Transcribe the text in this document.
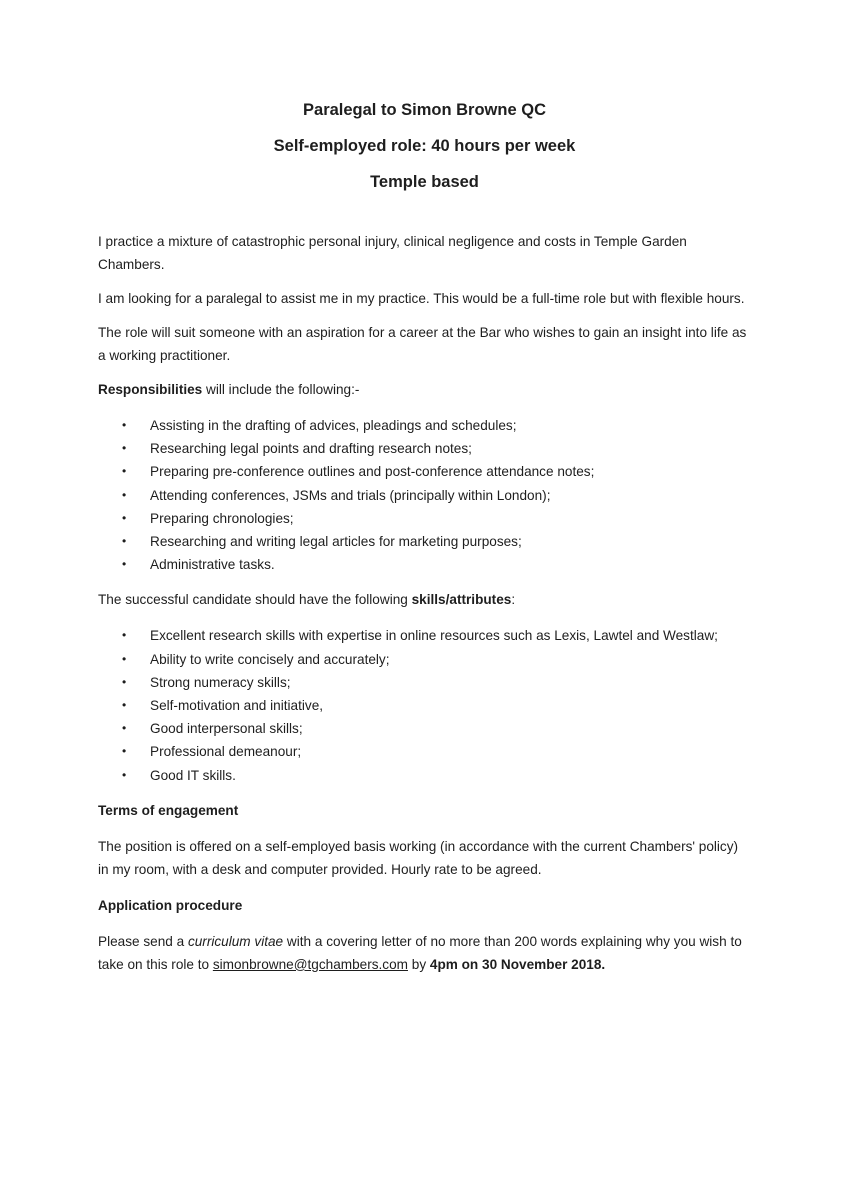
Paralegal to Simon Browne QC
Self-employed role: 40 hours per week
Temple based

I practice a mixture of catastrophic personal injury, clinical negligence and costs in Temple Garden Chambers.

I am looking for a paralegal to assist me in my practice. This would be a full-time role but with flexible hours.

The role will suit someone with an aspiration for a career at the Bar who wishes to gain an insight into life as a working practitioner.

Responsibilities will include the following:-

• Assisting in the drafting of advices, pleadings and schedules;
• Researching legal points and drafting research notes;
• Preparing pre-conference outlines and post-conference attendance notes;
• Attending conferences, JSMs and trials (principally within London);
• Preparing chronologies;
• Researching and writing legal articles for marketing purposes;
• Administrative tasks.

The successful candidate should have the following skills/attributes:

• Excellent research skills with expertise in online resources such as Lexis, Lawtel and Westlaw;
• Ability to write concisely and accurately;
• Strong numeracy skills;
• Self-motivation and initiative,
• Good interpersonal skills;
• Professional demeanour;
• Good IT skills.

Terms of engagement

The position is offered on a self-employed basis working (in accordance with the current Chambers' policy) in my room, with a desk and computer provided. Hourly rate to be agreed.

Application procedure

Please send a curriculum vitae with a covering letter of no more than 200 words explaining why you wish to take on this role to simonbrowne@tgchambers.com by 4pm on 30 November 2018.
